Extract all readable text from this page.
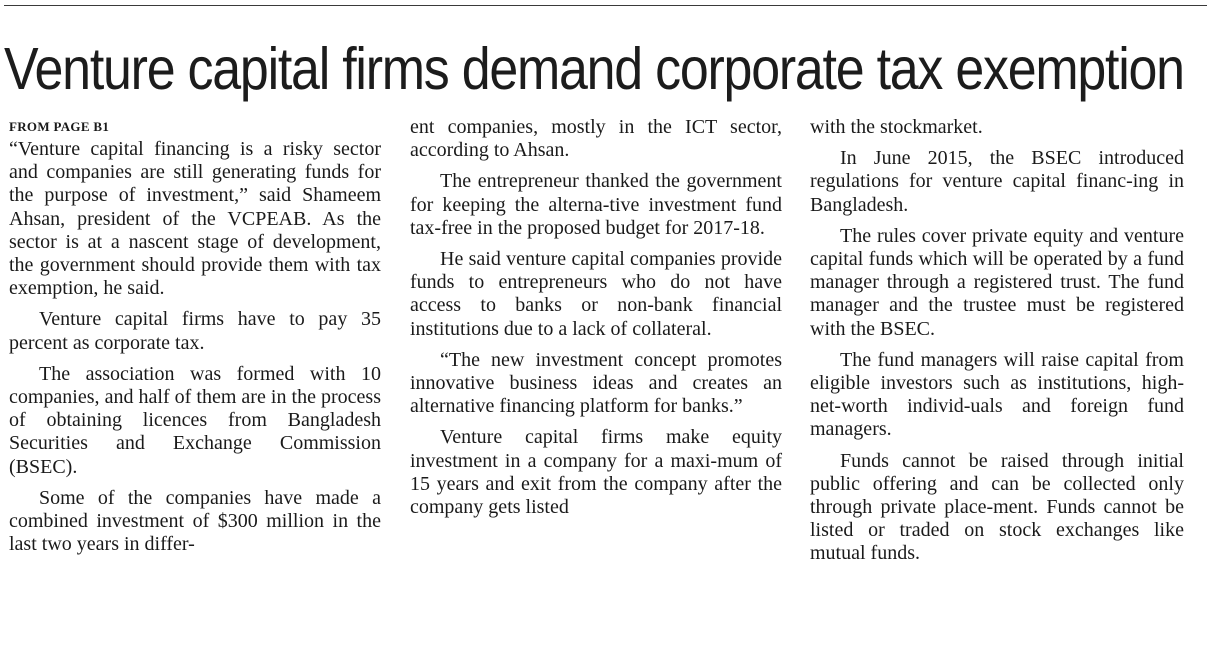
Venture capital firms demand corporate tax exemption
FROM PAGE B1

“Venture capital financing is a risky sector and companies are still generating funds for the purpose of investment,” said Shameem Ahsan, president of the VCPEAB. As the sector is at a nascent stage of development, the government should provide them with tax exemption, he said.

Venture capital firms have to pay 35 percent as corporate tax.

The association was formed with 10 companies, and half of them are in the process of obtaining licences from Bangladesh Securities and Exchange Commission (BSEC).

Some of the companies have made a combined investment of $300 million in the last two years in differ-

ent companies, mostly in the ICT sector, according to Ahsan.

The entrepreneur thanked the government for keeping the alterna-tive investment fund tax-free in the proposed budget for 2017-18.

He said venture capital companies provide funds to entrepreneurs who do not have access to banks or non-bank financial institutions due to a lack of collateral.

“The new investment concept promotes innovative business ideas and creates an alternative financing platform for banks.”

Venture capital firms make equity investment in a company for a maxi-mum of 15 years and exit from the company after the company gets listed

with the stockmarket.

In June 2015, the BSEC introduced regulations for venture capital financ-ing in Bangladesh.

The rules cover private equity and venture capital funds which will be operated by a fund manager through a registered trust. The fund manager and the trustee must be registered with the BSEC.

The fund managers will raise capital from eligible investors such as institutions, high-net-worth individ-uals and foreign fund managers.

Funds cannot be raised through initial public offering and can be collected only through private place-ment. Funds cannot be listed or traded on stock exchanges like mutual funds.
